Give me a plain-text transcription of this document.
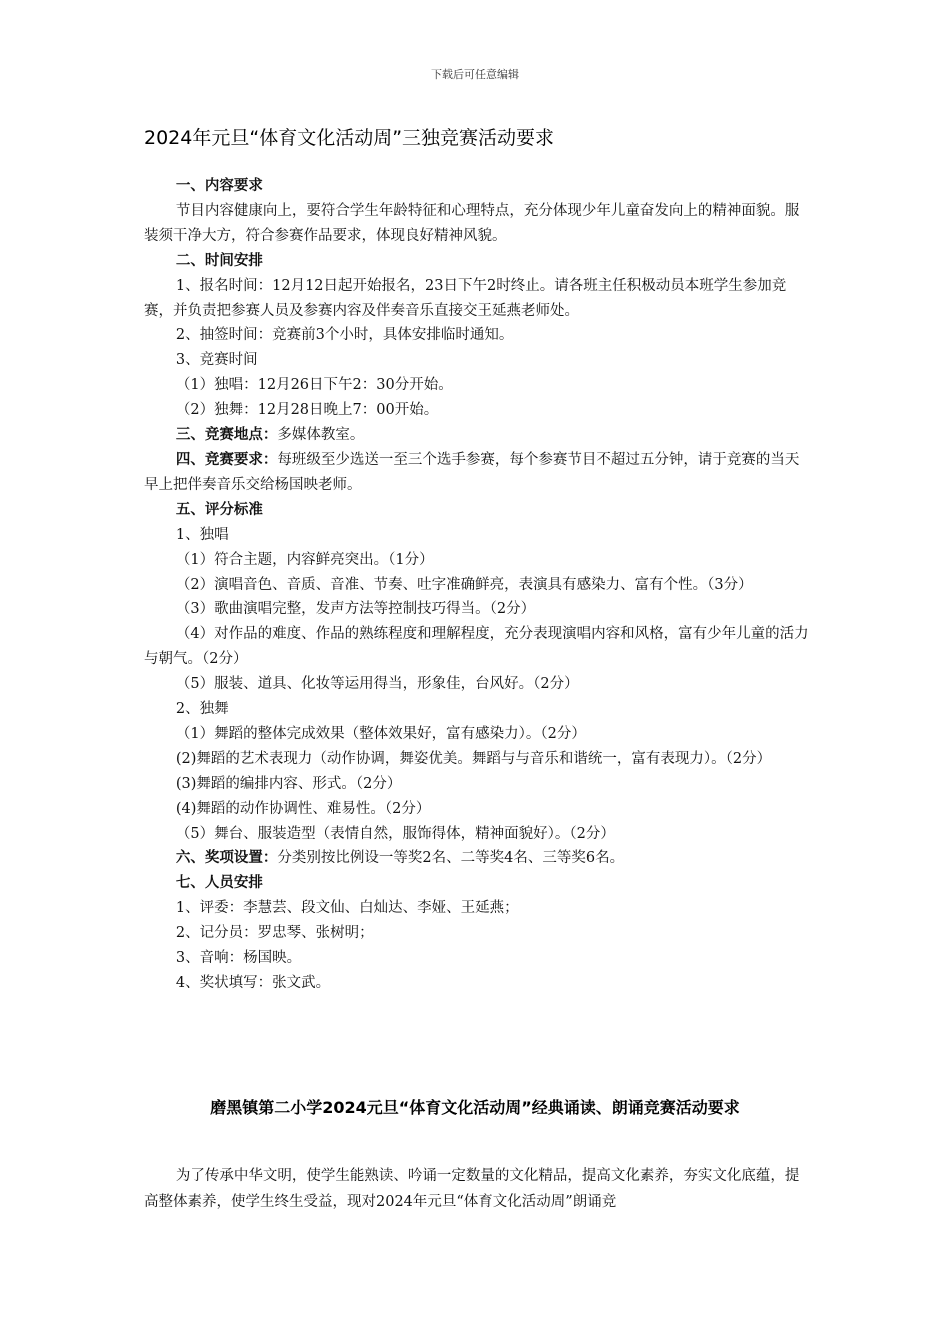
下载后可任意编辑
2024年元旦“体育文化活动周”三独竞赛活动要求

一、内容要求

节目内容健康向上，要符合学生年龄特征和心理特点，充分体现少年儿童奋发向上的精神面貌。服装须干净大方，符合参赛作品要求，体现良好精神风貌。

二、时间安排

1、报名时间：12月12日起开始报名，23日下午2时终止。请各班主任积极动员本班学生参加竞赛，并负责把参赛人员及参赛内容及伴奏音乐直接交王延燕老师处。

2、抽签时间：竞赛前3个小时，具体安排临时通知。

3、竞赛时间

（1）独唱：12月26日下午2：30分开始。

（2）独舞：12月28日晚上7：00开始。

三、竞赛地点：多媒体教室。

四、竞赛要求：每班级至少选送一至三个选手参赛，每个参赛节目不超过五分钟，请于竞赛的当天早上把伴奏音乐交给杨国映老师。

五、评分标准

1、独唱

（1）符合主题，内容鲜亮突出。（1分）

（2）演唱音色、音质、音准、节奏、吐字准确鲜亮，表演具有感染力、富有个性。（3分）

（3）歌曲演唱完整，发声方法等控制技巧得当。（2分）

（4）对作品的难度、作品的熟练程度和理解程度，充分表现演唱内容和风格，富有少年儿童的活力与朝气。（2分）

（5）服装、道具、化妆等运用得当，形象佳，台风好。（2分）

2、独舞

（1）舞蹈的整体完成效果（整体效果好，富有感染力）。（2分）

(2)舞蹈的艺术表现力（动作协调，舞姿优美。舞蹈与与音乐和谐统一，富有表现力）。（2分）

(3)舞蹈的编排内容、形式。（2分）

(4)舞蹈的动作协调性、难易性。（2分）

（5）舞台、服装造型（表情自然，服饰得体，精神面貌好）。（2分）

六、奖项设置：分类别按比例设一等奖2名、二等奖4名、三等奖6名。

七、人员安排

1、评委：李慧芸、段文仙、白灿达、李娅、王延燕；

2、记分员：罗忠琴、张树明；

3、音响：杨国映。

4、奖状填写：张文武。

磨黑镇第二小学2024元旦“体育文化活动周”经典诵读、朗诵竞赛活动要求
为了传承中华文明，使学生能熟读、吟诵一定数量的文化精品，提高文化素养，夯实文化底蕴，提高整体素养，使学生终生受益，现对2024年元旦“体育文化活动周”朗诵竞
